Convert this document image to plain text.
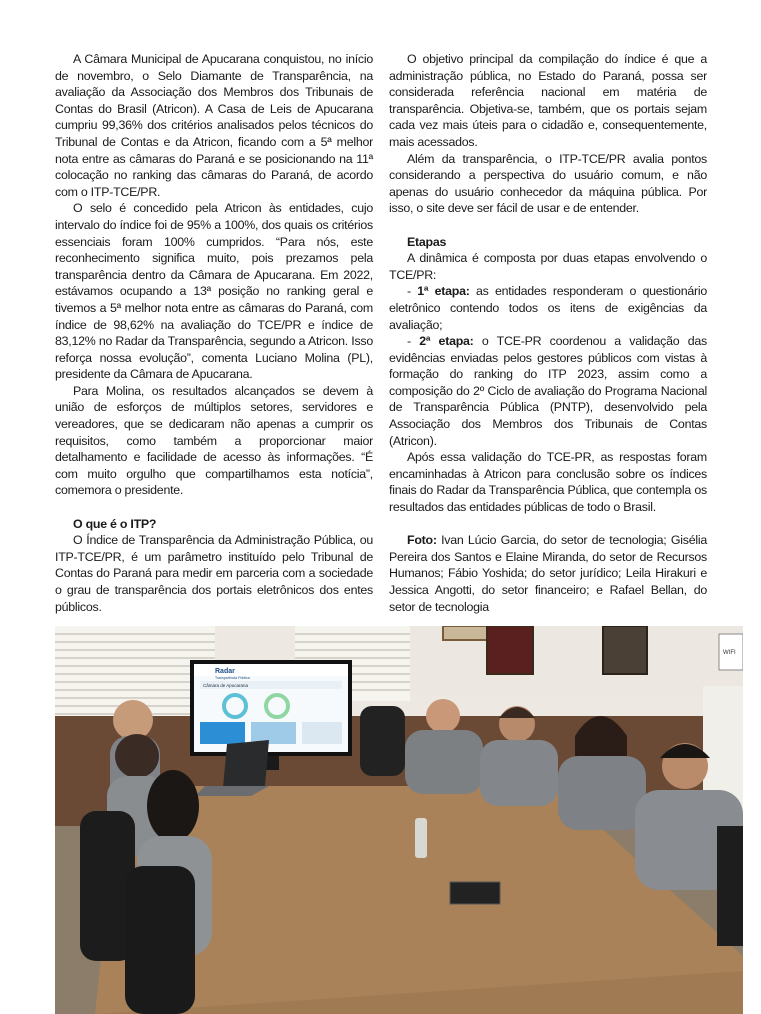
A Câmara Municipal de Apucarana conquistou, no início de novembro, o Selo Diamante de Transparência, na avaliação da Associação dos Membros dos Tribunais de Contas do Brasil (Atricon). A Casa de Leis de Apucarana cumpriu 99,36% dos critérios analisados pelos técnicos do Tribunal de Contas e da Atricon, ficando com a 5ª melhor nota entre as câmaras do Paraná e se posicionando na 11ª colocação no ranking das câmaras do Paraná, de acordo com o ITP-TCE/PR.

O selo é concedido pela Atricon às entidades, cujo intervalo do índice foi de 95% a 100%, dos quais os critérios essenciais foram 100% cumpridos. “Para nós, este reconhecimento significa muito, pois prezamos pela transparência dentro da Câmara de Apucarana. Em 2022, estávamos ocupando a 13ª posição no ranking geral e tivemos a 5ª melhor nota entre as câmaras do Paraná, com índice de 98,62% na avaliação do TCE/PR e índice de 83,12% no Radar da Transparência, segundo a Atricon. Isso reforça nossa evolução”, comenta Luciano Molina (PL), presidente da Câmara de Apucarana.

Para Molina, os resultados alcançados se devem à união de esforços de múltiplos setores, servidores e vereadores, que se dedicaram não apenas a cumprir os requisitos, como também a proporcionar maior detalhamento e facilidade de acesso às informações. “É com muito orgulho que compartilhamos esta notícia”, comemora o presidente.

O que é o ITP?

O Índice de Transparência da Administração Pública, ou ITP-TCE/PR, é um parâmetro instituído pelo Tribunal de Contas do Paraná para medir em parceria com a sociedade o grau de transparência dos portais eletrônicos dos entes públicos.

O objetivo principal da compilação do índice é que a administração pública, no Estado do Paraná, possa ser considerada referência nacional em matéria de transparência. Objetiva-se, também, que os portais sejam cada vez mais úteis para o cidadão e, consequentemente, mais acessados.

Além da transparência, o ITP-TCE/PR avalia pontos considerando a perspectiva do usuário comum, e não apenas do usuário conhecedor da máquina pública. Por isso, o site deve ser fácil de usar e de entender.

Etapas

A dinâmica é composta por duas etapas envolvendo o TCE/PR:

- 1ª etapa: as entidades responderam o questionário eletrônico contendo todos os itens de exigências da avaliação;

- 2ª etapa: o TCE-PR coordenou a validação das evidências enviadas pelos gestores públicos com vistas à formação do ranking do ITP 2023, assim como a composição do 2º Ciclo de avaliação do Programa Nacional de Transparência Pública (PNTP), desenvolvido pela Associação dos Membros dos Tribunais de Contas (Atricon).

Após essa validação do TCE-PR, as respostas foram encaminhadas à Atricon para conclusão sobre os índices finais do Radar da Transparência Pública, que contempla os resultados das entidades públicas de todo o Brasil.

Foto: Ivan Lúcio Garcia, do setor de tecnologia; Gisélia Pereira dos Santos e Elaine Miranda, do setor de Recursos Humanos; Fábio Yoshida; do setor jurídico; Leila Hirakuri e Jessica Angotti, do setor financeiro; e Rafael Bellan, do setor de tecnologia

WIFI
Radar
Transparência Pública
Câmara de Apucarana
